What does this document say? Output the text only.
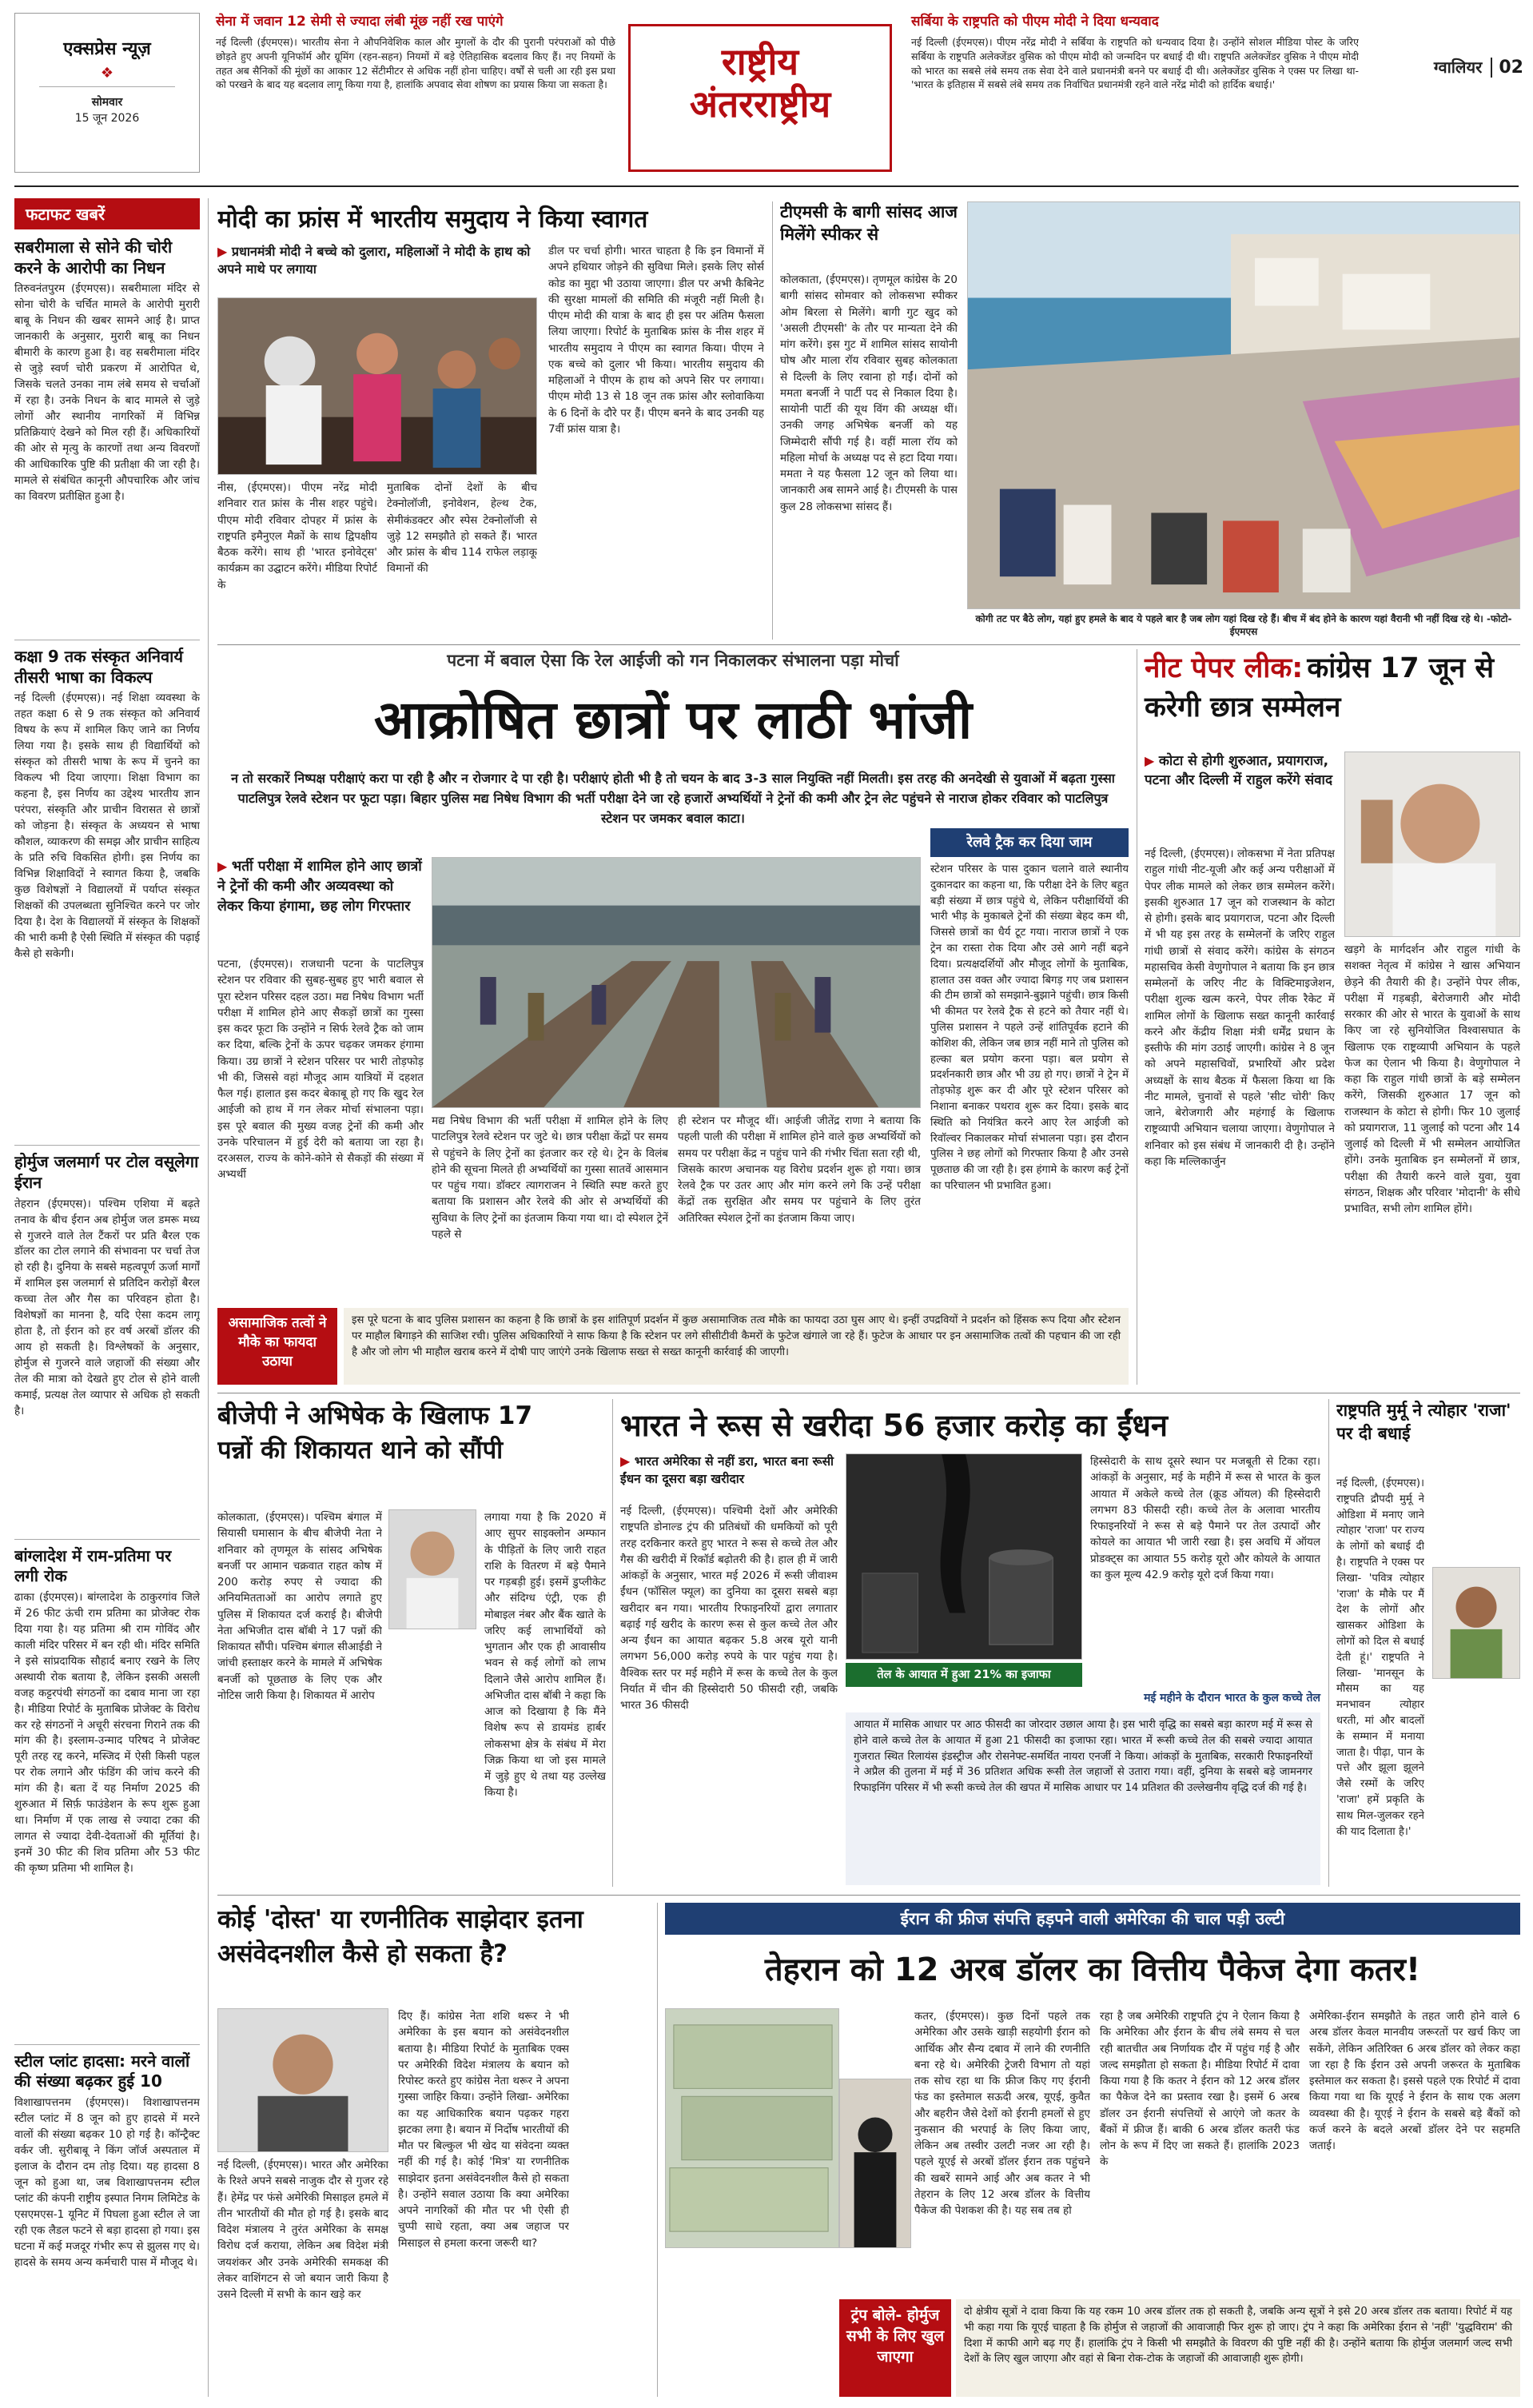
एक्सप्रेस न्यूज़
❖
सोमवार
15 जून 2026
सेना में जवान 12 सेमी से ज्यादा लंबी मूंछ नहीं रख पाएंगे
नई दिल्ली (ईएमएस)। भारतीय सेना ने औपनिवेशिक काल और मुगलों के दौर की पुरानी परंपराओं को पीछे छोड़ते हुए अपनी यूनिफॉर्म और ग्रूमिंग (रहन-सहन) नियमों में बड़े ऐतिहासिक बदलाव किए हैं। नए नियमों के तहत अब सैनिकों की मूंछों का आकार 12 सेंटीमीटर से अधिक नहीं होना चाहिए। वर्षों से चली आ रही इस प्रथा को परखने के बाद यह बदलाव लागू किया गया है, हालांकि अपवाद सेवा शोषण का प्रयास किया जा सकता है।
राष्ट्रीय
अंतरराष्ट्रीय
सर्बिया के राष्ट्रपति को पीएम मोदी ने दिया धन्यवाद
नई दिल्ली (ईएमएस)। पीएम नरेंद्र मोदी ने सर्बिया के राष्ट्रपति को धन्यवाद दिया है। उन्होंने सोशल मीडिया पोस्ट के जरिए सर्बिया के राष्ट्रपति अलेक्जेंडर वुसिक को पीएम मोदी को जन्मदिन पर बधाई दी थी। राष्ट्रपति अलेक्जेंडर वुसिक ने पीएम मोदी को भारत का सबसे लंबे समय तक सेवा देने वाले प्रधानमंत्री बनने पर बधाई दी थी। अलेक्जेंडर वुसिक ने एक्स पर लिखा था- 'भारत के इतिहास में सबसे लंबे समय तक निर्वाचित प्रधानमंत्री रहने वाले नरेंद्र मोदी को हार्दिक बधाई।'
ग्वालियर 02
फटाफट खबरें
सबरीमाला से सोने की चोरी करने के आरोपी का निधन
तिरुवनंतपुरम (ईएमएस)। सबरीमाला मंदिर से सोना चोरी के चर्चित मामले के आरोपी मुरारी बाबू के निधन की खबर सामने आई है। प्राप्त जानकारी के अनुसार, मुरारी बाबू का निधन बीमारी के कारण हुआ है। वह सबरीमाला मंदिर से जुड़े स्वर्ण चोरी प्रकरण में आरोपित थे, जिसके चलते उनका नाम लंबे समय से चर्चाओं में रहा है। उनके निधन के बाद मामले से जुड़े लोगों और स्थानीय नागरिकों में विभिन्न प्रतिक्रियाएं देखने को मिल रही हैं। अधिकारियों की ओर से मृत्यु के कारणों तथा अन्य विवरणों की आधिकारिक पुष्टि की प्रतीक्षा की जा रही है। मामले से संबंधित कानूनी औपचारिक और जांच का विवरण प्रतीक्षित हुआ है।
कक्षा 9 तक संस्कृत अनिवार्य तीसरी भाषा का विकल्प
नई दिल्ली (ईएमएस)। नई शिक्षा व्यवस्था के तहत कक्षा 6 से 9 तक संस्कृत को अनिवार्य विषय के रूप में शामिल किए जाने का निर्णय लिया गया है। इसके साथ ही विद्यार्थियों को संस्कृत को तीसरी भाषा के रूप में चुनने का विकल्प भी दिया जाएगा। शिक्षा विभाग का कहना है, इस निर्णय का उद्देश्य भारतीय ज्ञान परंपरा, संस्कृति और प्राचीन विरासत से छात्रों को जोड़ना है। संस्कृत के अध्ययन से भाषा कौशल, व्याकरण की समझ और प्राचीन साहित्य के प्रति रुचि विकसित होगी। इस निर्णय का विभिन्न शिक्षाविदों ने स्वागत किया है, जबकि कुछ विशेषज्ञों ने विद्यालयों में पर्याप्त संस्कृत शिक्षकों की उपलब्धता सुनिश्चित करने पर जोर दिया है। देश के विद्यालयों में संस्कृत के शिक्षकों की भारी कमी है ऐसी स्थिति में संस्कृत की पढ़ाई कैसे हो सकेगी।
होर्मुज जलमार्ग पर टोल वसूलेगा ईरान
तेहरान (ईएमएस)। पश्चिम एशिया में बढ़ते तनाव के बीच ईरान अब होर्मुज जल डमरू मध्य से गुजरने वाले तेल टैंकरों पर प्रति बैरल एक डॉलर का टोल लगाने की संभावना पर चर्चा तेज हो रही है। दुनिया के सबसे महत्वपूर्ण ऊर्जा मार्गों में शामिल इस जलमार्ग से प्रतिदिन करोड़ों बैरल कच्चा तेल और गैस का परिवहन होता है। विशेषज्ञों का मानना है, यदि ऐसा कदम लागू होता है, तो ईरान को हर वर्ष अरबों डॉलर की आय हो सकती है। विश्लेषकों के अनुसार, होर्मुज से गुजरने वाले जहाजों की संख्या और तेल की मात्रा को देखते हुए टोल से होने वाली कमाई, प्रत्यक्ष तेल व्यापार से अधिक हो सकती है।
बांग्लादेश में राम-प्रतिमा पर लगी रोक
ढाका (ईएमएस)। बांग्लादेश के ठाकुरगांव जिले में 26 फीट ऊंची राम प्रतिमा का प्रोजेक्ट रोक दिया गया है। यह प्रतिमा श्री राम गोविंद और काली मंदिर परिसर में बन रही थी। मंदिर समिति ने इसे सांप्रदायिक सौहार्द बनाए रखने के लिए अस्थायी रोक बताया है, लेकिन इसकी असली वजह कट्टरपंथी संगठनों का दबाव माना जा रहा है। मीडिया रिपोर्ट के मुताबिक प्रोजेक्ट के विरोध कर रहे संगठनों ने अचूरी संरचना गिराने तक की मांग की है। इस्लाम-उन्माद परिषद ने प्रोजेक्ट पूरी तरह रद्द करने, मस्जिद में ऐसी किसी पहल पर रोक लगाने और फंडिंग की जांच करने की मांग की है। बता दें यह निर्माण 2025 की शुरुआत में सिर्फ़ फाउंडेशन के रूप शुरू हुआ था। निर्माण में एक लाख से ज्यादा टका की लागत से ज्यादा देवी-देवताओं की मूर्तियां है। इनमें 30 फीट की शिव प्रतिमा और 53 फीट की कृष्ण प्रतिमा भी शामिल है।
स्टील प्लांट हादसा: मरने वालों की संख्या बढ़कर हुई 10
विशाखापत्तनम (ईएमएस)। विशाखापत्तनम स्टील प्लांट में 8 जून को हुए हादसे में मरने वालों की संख्या बढ़कर 10 हो गई है। कॉन्ट्रैक्ट वर्कर जी. सुरीबाबू ने किंग जॉर्ज अस्पताल में इलाज के दौरान दम तोड़ दिया। यह हादसा 8 जून को हुआ था, जब विशाखापत्तनम स्टील प्लांट की कंपनी राष्ट्रीय इस्पात निगम लिमिटेड के एसएमएस-1 यूनिट में पिघला हुआ स्टील ले जा रही एक लैडल फटने से बड़ा हादसा हो गया। इस घटना में कई मजदूर गंभीर रूप से झुलस गए थे। हादसे के समय अन्य कर्मचारी पास में मौजूद थे।
मोदी का फ्रांस में भारतीय समुदाय ने किया स्वागत
▶ प्रधानमंत्री मोदी ने बच्चे को दुलारा, महिलाओं ने मोदी के हाथ को अपने माथे पर लगाया
नीस, (ईएमएस)। पीएम नरेंद्र मोदी शनिवार रात फ्रांस के नीस शहर पहुंचे। पीएम मोदी रविवार दोपहर में फ्रांस के राष्ट्रपति इमैनुएल मैक्रों के साथ द्विपक्षीय बैठक करेंगे। साथ ही 'भारत इनोवेट्स' कार्यक्रम का उद्घाटन करेंगे। मीडिया रिपोर्ट के
मुताबिक दोनों देशों के बीच टेक्नोलॉजी, इनोवेशन, हेल्थ टेक, सेमीकंडक्टर और स्पेस टेक्नोलॉजी से जुड़े 12 समझौते हो सकते हैं। भारत और फ्रांस के बीच 114 राफेल लड़ाकू विमानों की
डील पर चर्चा होगी। भारत चाहता है कि इन विमानों में अपने हथियार जोड़ने की सुविधा मिले। इसके लिए सोर्स कोड का मुद्दा भी उठाया जाएगा। डील पर अभी कैबिनेट की सुरक्षा मामलों की समिति की मंजूरी नहीं मिली है। पीएम मोदी की यात्रा के बाद ही इस पर अंतिम फैसला लिया जाएगा। रिपोर्ट के मुताबिक फ्रांस के नीस शहर में भारतीय समुदाय ने पीएम का स्वागत किया। पीएम ने एक बच्चे को दुलार भी किया। भारतीय समुदाय की महिलाओं ने पीएम के हाथ को अपने सिर पर लगाया। पीएम मोदी 13 से 18 जून तक फ्रांस और स्लोवाकिया के 6 दिनों के दौरे पर हैं। पीएम बनने के बाद उनकी यह 7वीं फ्रांस यात्रा है।
टीएमसी के बागी सांसद आज मिलेंगे स्पीकर से
कोलकाता, (ईएमएस)। तृणमूल कांग्रेस के 20 बागी सांसद सोमवार को लोकसभा स्पीकर ओम बिरला से मिलेंगे। बागी गुट खुद को 'असली टीएमसी' के तौर पर मान्यता देने की मांग करेंगे। इस गुट में शामिल सांसद सायोनी घोष और माला रॉय रविवार सुबह कोलकाता से दिल्ली के लिए रवाना हो गईं। दोनों को ममता बनर्जी ने पार्टी पद से निकाल दिया है। सायोनी पार्टी की यूथ विंग की अध्यक्ष थीं। उनकी जगह अभिषेक बनर्जी को यह जिम्मेदारी सौंपी गई है। वहीं माला रॉय को महिला मोर्चा के अध्यक्ष पद से हटा दिया गया। ममता ने यह फैसला 12 जून को लिया था। जानकारी अब सामने आई है। टीएमसी के पास कुल 28 लोकसभा सांसद हैं।
कोगी तट पर बैठे लोग, यहां हुए हमले के बाद ये पहले बार है जब लोग यहां दिख रहे हैं। बीच में बंद होने के कारण यहां वैरानी भी नहीं दिख रहे थे। -फोटो-ईएमएस
पटना में बवाल ऐसा कि रेल आईजी को गन निकालकर संभालना पड़ा मोर्चा
आक्रोषित छात्रों पर लाठी भांजी
न तो सरकारें निष्पक्ष परीक्षाएं करा पा रही है और न रोजगार दे पा रही है। परीक्षाएं होती भी है तो चयन के बाद 3-3 साल नियुक्ति नहीं मिलती। इस तरह की अनदेखी से युवाओं में बढ़ता गुस्सा पाटलिपुत्र रेलवे स्टेशन पर फूटा पड़ा। बिहार पुलिस मद्य निषेध विभाग की भर्ती परीक्षा देने जा रहे हजारों अभ्यर्थियों ने ट्रेनों की कमी और ट्रेन लेट पहुंचने से नाराज होकर रविवार को पाटलिपुत्र स्टेशन पर जमकर बवाल काटा।
▶ भर्ती परीक्षा में शामिल होने आए छात्रों ने ट्रेनों की कमी और अव्यवस्था को लेकर किया हंगामा, छह लोग गिरफ्तार
पटना, (ईएमएस)। राजधानी पटना के पाटलिपुत्र स्टेशन पर रविवार की सुबह-सुबह हुए भारी बवाल से पूरा स्टेशन परिसर दहल उठा। मद्य निषेध विभाग भर्ती परीक्षा में शामिल होने आए सैकड़ों छात्रों का गुस्सा इस कदर फूटा कि उन्होंने न सिर्फ रेलवे ट्रैक को जाम कर दिया, बल्कि ट्रेनों के ऊपर चढ़कर जमकर हंगामा किया। उग्र छात्रों ने स्टेशन परिसर पर भारी तोड़फोड़ भी की, जिससे वहां मौजूद आम यात्रियों में दहशत फैल गई। हालात इस कदर बेकाबू हो गए कि खुद रेल आईजी को हाथ में गन लेकर मोर्चा संभालना पड़ा। इस पूरे बवाल की मुख्य वजह ट्रेनों की कमी और उनके परिचालन में हुई देरी को बताया जा रहा है। दरअसल, राज्य के कोने-कोने से सैकड़ों की संख्या में अभ्यर्थी
मद्य निषेध विभाग की भर्ती परीक्षा में शामिल होने के लिए पाटलिपुत्र रेलवे स्टेशन पर जुटे थे। छात्र परीक्षा केंद्रों पर समय से पहुंचने के लिए ट्रेनों का इंतजार कर रहे थे। ट्रेन के विलंब होने की सूचना मिलते ही अभ्यर्थियों का गुस्सा सातवें आसमान पर पहुंच गया। डॉक्टर त्यागराजन ने स्थिति स्पष्ट करते हुए बताया कि प्रशासन और रेलवे की ओर से अभ्यर्थियों की सुविधा के लिए ट्रेनों का इंतजाम किया गया था। दो स्पेशल ट्रेनें पहले से
ही स्टेशन पर मौजूद थीं। आईजी जीतेंद्र राणा ने बताया कि पहली पाली की परीक्षा में शामिल होने वाले कुछ अभ्यर्थियों को समय पर परीक्षा केंद्र न पहुंच पाने की गंभीर चिंता सता रही थी, जिसके कारण अचानक यह विरोध प्रदर्शन शुरू हो गया। छात्र रेलवे ट्रैक पर उतर आए और मांग करने लगे कि उन्हें परीक्षा केंद्रों तक सुरक्षित और समय पर पहुंचाने के लिए तुरंत अतिरिक्त स्पेशल ट्रेनों का इंतजाम किया जाए।
रेलवे ट्रैक कर दिया जाम
स्टेशन परिसर के पास दुकान चलाने वाले स्थानीय दुकानदार का कहना था, कि परीक्षा देने के लिए बहुत बड़ी संख्या में छात्र पहुंचे थे, लेकिन परीक्षार्थियों की भारी भीड़ के मुकाबले ट्रेनों की संख्या बेहद कम थी, जिससे छात्रों का धैर्य टूट गया। नाराज छात्रों ने एक ट्रेन का रास्ता रोक दिया और उसे आगे नहीं बढ़ने दिया। प्रत्यक्षदर्शियों और मौजूद लोगों के मुताबिक, हालात उस वक्त और ज्यादा बिगड़ गए जब प्रशासन की टीम छात्रों को समझाने-बुझाने पहुंची। छात्र किसी भी कीमत पर रेलवे ट्रैक से हटने को तैयार नहीं थे। पुलिस प्रशासन ने पहले उन्हें शांतिपूर्वक हटाने की कोशिश की, लेकिन जब छात्र नहीं माने तो पुलिस को हल्का बल प्रयोग करना पड़ा। बल प्रयोग से प्रदर्शनकारी छात्र और भी उग्र हो गए। छात्रों ने ट्रेन में तोड़फोड़ शुरू कर दी और पूरे स्टेशन परिसर को निशाना बनाकर पथराव शुरू कर दिया। इसके बाद स्थिति को नियंत्रित करने आए रेल आईजी को रिवॉल्वर निकालकर मोर्चा संभालना पड़ा। इस दौरान पुलिस ने छह लोगों को गिरफ्तार किया है और उनसे पूछताछ की जा रही है। इस हंगामे के कारण कई ट्रेनों का परिचालन भी प्रभावित हुआ।
असामाजिक तत्वों ने मौके का फायदा उठाया
इस पूरे घटना के बाद पुलिस प्रशासन का कहना है कि छात्रों के इस शांतिपूर्ण प्रदर्शन में कुछ असामाजिक तत्व मौके का फायदा उठा घुस आए थे। इन्हीं उपद्रवियों ने प्रदर्शन को हिंसक रूप दिया और स्टेशन पर माहौल बिगाड़ने की साजिश रची। पुलिस अधिकारियों ने साफ किया है कि स्टेशन पर लगे सीसीटीवी कैमरों के फुटेज खंगाले जा रहे हैं। फुटेज के आधार पर इन असामाजिक तत्वों की पहचान की जा रही है और जो लोग भी माहौल खराब करने में दोषी पाए जाएंगे उनके खिलाफ सख्त से सख्त कानूनी कार्रवाई की जाएगी।
नीट पेपर लीक: कांग्रेस 17 जून से करेगी छात्र सम्मेलन
▶ कोटा से होगी शुरुआत, प्रयागराज, पटना और दिल्ली में राहुल करेंगे संवाद
नई दिल्ली, (ईएमएस)। लोकसभा में नेता प्रतिपक्ष राहुल गांधी नीट-यूजी और कई अन्य परीक्षाओं में पेपर लीक मामले को लेकर छात्र सम्मेलन करेंगे। इसकी शुरुआत 17 जून को राजस्थान के कोटा से होगी। इसके बाद प्रयागराज, पटना और दिल्ली में भी यह इस तरह के सम्मेलनों के जरिए राहुल गांधी छात्रों से संवाद करेंगे। कांग्रेस के संगठन महासचिव केसी वेणुगोपाल ने बताया कि इन छात्र सम्मेलनों के जरिए नीट के विक्टिमाइजेशन, परीक्षा शुल्क खत्म करने, पेपर लीक रैकेट में शामिल लोगों के खिलाफ सख्त कानूनी कार्रवाई करने और केंद्रीय शिक्षा मंत्री धर्मेंद्र प्रधान के इस्तीफे की मांग उठाई जाएगी। कांग्रेस ने 8 जून को अपने महासचिवों, प्रभारियों और प्रदेश अध्यक्षों के साथ बैठक में फैसला किया था कि नीट मामले, चुनावों से पहले 'सीट चोरी' किए जाने, बेरोजगारी और महंगाई के खिलाफ राष्ट्रव्यापी अभियान चलाया जाएगा। वेणुगोपाल ने शनिवार को इस संबंध में जानकारी दी है। उन्होंने कहा कि मल्लिकार्जुन
खड़गे के मार्गदर्शन और राहुल गांधी के सशक्त नेतृत्व में कांग्रेस ने खास अभियान छेड़ने की तैयारी की है। उन्होंने पेपर लीक, परीक्षा में गड़बड़ी, बेरोजगारी और मोदी सरकार की ओर से भारत के युवाओं के साथ किए जा रहे सुनियोजित विश्वासघात के खिलाफ एक राष्ट्रव्यापी अभियान के पहले फेज का ऐलान भी किया है। वेणुगोपाल ने कहा कि राहुल गांधी छात्रों के बड़े सम्मेलन करेंगे, जिसकी शुरुआत 17 जून को राजस्थान के कोटा से होगी। फिर 10 जुलाई को प्रयागराज, 11 जुलाई को पटना और 14 जुलाई को दिल्ली में भी सम्मेलन आयोजित होंगे। उनके मुताबिक इन सम्मेलनों में छात्र, परीक्षा की तैयारी करने वाले युवा, युवा संगठन, शिक्षक और परिवार 'मोदानी' के सीधे प्रभावित, सभी लोग शामिल होंगे।
बीजेपी ने अभिषेक के खिलाफ 17 पन्नों की शिकायत थाने को सौंपी
कोलकाता, (ईएमएस)। पश्चिम बंगाल में सियासी घमासान के बीच बीजेपी नेता ने शनिवार को तृणमूल के सांसद अभिषेक बनर्जी पर आमान चक्रवात राहत कोष में 200 करोड़ रुपए से ज्यादा की अनियमितताओं का आरोप लगाते हुए पुलिस में शिकायत दर्ज कराई है। बीजेपी नेता अभिजीत दास बॉबी ने 17 पन्नों की शिकायत सौंपी। पश्चिम बंगाल सीआईडी ने जांची हस्ताक्षर करने के मामले में अभिषेक बनर्जी को पूछताछ के लिए एक और नोटिस जारी किया है। शिकायत में आरोप
लगाया गया है कि 2020 में आए सुपर साइक्लोन अम्फान के पीड़ितों के लिए जारी राहत राशि के वितरण में बड़े पैमाने पर गड़बड़ी हुई। इसमें डुप्लीकेट और संदिग्ध एंट्री, एक ही मोबाइल नंबर और बैंक खाते के जरिए कई लाभार्थियों को भुगतान और एक ही आवासीय भवन से कई लोगों को लाभ दिलाने जैसे आरोप शामिल हैं। अभिजीत दास बॉबी ने कहा कि आज को दिखाया है कि मैंने विशेष रूप से डायमंड हार्बर लोकसभा क्षेत्र के संबंध में मेरा जिक्र किया था जो इस मामले में जुड़े हुए थे तथा यह उल्लेख किया है।
भारत ने रूस से खरीदा 56 हजार करोड़ का ईंधन
▶ भारत अमेरिका से नहीं डरा, भारत बना रूसी ईंधन का दूसरा बड़ा खरीदार
नई दिल्ली, (ईएमएस)। पश्चिमी देशों और अमेरिकी राष्ट्रपति डोनाल्ड ट्रंप की प्रतिबंधों की धमकियों को पूरी तरह दरकिनार करते हुए भारत ने रूस से कच्चे तेल और गैस की खरीदी में रिकॉर्ड बढ़ोतरी की है। हाल ही में जारी आंकड़ों के अनुसार, भारत मई 2026 में रूसी जीवाश्म ईंधन (फॉसिल फ्यूल) का दुनिया का दूसरा सबसे बड़ा खरीदार बन गया। भारतीय रिफाइनरियों द्वारा लगातार बढ़ाई गई खरीद के कारण रूस से कुल कच्चे तेल और अन्य ईंधन का आयात बढ़कर 5.8 अरब यूरो यानी लगभग 56,000 करोड़ रुपये के पार पहुंच गया है। वैश्विक स्तर पर मई महीने में रूस के कच्चे तेल के कुल निर्यात में चीन की हिस्सेदारी 50 फीसदी रही, जबकि भारत 36 फीसदी
तेल के आयात में हुआ 21% का इजाफा
हिस्सेदारी के साथ दूसरे स्थान पर मजबूती से टिका रहा। आंकड़ों के अनुसार, मई के महीने में रूस से भारत के कुल आयात में अकेले कच्चे तेल (क्रूड ऑयल) की हिस्सेदारी लगभग 83 फीसदी रही। कच्चे तेल के अलावा भारतीय रिफाइनरियों ने रूस से बड़े पैमाने पर तेल उत्पादों और कोयले का आयात भी जारी रखा है। इस अवधि में ऑयल प्रोडक्ट्स का आयात 55 करोड़ यूरो और कोयले के आयात का कुल मूल्य 42.9 करोड़ यूरो दर्ज किया गया।
मई महीने के दौरान भारत के कुल कच्चे तेल
आयात में मासिक आधार पर आठ फीसदी का जोरदार उछाल आया है। इस भारी वृद्धि का सबसे बड़ा कारण मई में रूस से होने वाले कच्चे तेल के आयात में हुआ 21 फीसदी का इजाफा रहा। भारत में रूसी कच्चे तेल की सबसे ज्यादा आयात गुजरात स्थित रिलायंस इंडस्ट्रीज और रोसनेफ्ट-समर्थित नायरा एनर्जी ने किया। आंकड़ों के मुताबिक, सरकारी रिफाइनरियों ने अप्रैल की तुलना में मई में 36 प्रतिशत अधिक रूसी तेल जहाजों से उतारा गया। वहीं, दुनिया के सबसे बड़े जामनगर रिफाइनिंग परिसर में भी रूसी कच्चे तेल की खपत में मासिक आधार पर 14 प्रतिशत की उल्लेखनीय वृद्धि दर्ज की गई है।
राष्ट्रपति मुर्मू ने त्योहार 'राजा' पर दी बधाई
नई दिल्ली, (ईएमएस)। राष्ट्रपति द्रौपदी मुर्मू ने ओडिशा में मनाए जाने त्योहार 'राजा' पर राज्य के लोगों को बधाई दी है। राष्ट्रपति ने एक्स पर लिखा- 'पवित्र त्योहार 'राजा' के मौके पर मैं देश के लोगों और खासकर ओडिशा के लोगों को दिल से बधाई देती हूं।' राष्ट्रपति ने लिखा- 'मानसून के मौसम का यह मनभावन त्योहार धरती, मां और बादलों के सम्मान में मनाया जाता है। पीढ़ा, पान के पत्ते और झूला झूलने जैसे रस्मों के जरिए 'राजा' हमें प्रकृति के साथ मिल-जुलकर रहने की याद दिलाता है।'
कोई 'दोस्त' या रणनीतिक साझेदार इतना असंवेदनशील कैसे हो सकता है?
नई दिल्ली, (ईएमएस)। भारत और अमेरिका के रिश्ते अपने सबसे नाजुक दौर से गुजर रहे हैं। हेमेंद्र पर फंसे अमेरिकी मिसाइल हमले में तीन भारतीयों की मौत हो गई है। इसके बाद विदेश मंत्रालय ने तुरंत अमेरिका के समक्ष विरोध दर्ज कराया, लेकिन अब विदेश मंत्री जयशंकर और उनके अमेरिकी समकक्ष की लेकर वाशिंगटन से जो बयान जारी किया है उसने दिल्ली में सभी के कान खड़े कर
दिए हैं। कांग्रेस नेता शशि थरूर ने भी अमेरिका के इस बयान को असंवेदनशील बताया है। मीडिया रिपोर्ट के मुताबिक एक्स पर अमेरिकी विदेश मंत्रालय के बयान को रिपोस्ट करते हुए कांग्रेस नेता थरूर ने अपना गुस्सा जाहिर किया। उन्होंने लिखा- अमेरिका का यह आधिकारिक बयान पढ़कर गहरा झटका लगा है। बयान में निर्दोष भारतीयों की मौत पर बिल्कुल भी खेद या संवेदना व्यक्त नहीं की गई है। कोई 'मित्र' या रणनीतिक साझेदार इतना असंवेदनशील कैसे हो सकता है। उन्होंने सवाल उठाया कि क्या अमेरिका अपने नागरिकों की मौत पर भी ऐसी ही चुप्पी साधे रहता, क्या अब जहाज पर मिसाइल से हमला करना जरूरी था?
ईरान की फ्रीज संपत्ति हड़पने वाली अमेरिका की चाल पड़ी उल्टी
तेहरान को 12 अरब डॉलर का वित्तीय पैकेज देगा कतर!
कतर, (ईएमएस)। कुछ दिनों पहले तक अमेरिका और उसके खाड़ी सहयोगी ईरान को आर्थिक और सैन्य दबाव में लाने की रणनीति बना रहे थे। अमेरिकी ट्रेजरी विभाग तो यहां तक सोच रहा था कि फ्रीज किए गए ईरानी फंड का इस्तेमाल सऊदी अरब, यूएई, कुवैत और बहरीन जैसे देशों को ईरानी हमलों से हुए नुकसान की भरपाई के लिए किया जाए, लेकिन अब तस्वीर उलटी नजर आ रही है। पहले यूएई से अरबों डॉलर ईरान तक पहुंचने की खबरें सामने आई और अब कतर ने भी तेहरान के लिए 12 अरब डॉलर के वित्तीय पैकेज की पेशकश की है। यह सब तब हो
रहा है जब अमेरिकी राष्ट्रपति ट्रंप ने ऐलान किया है कि अमेरिका और ईरान के बीच लंबे समय से चल रही बातचीत अब निर्णायक दौर में पहुंच गई है और जल्द समझौता हो सकता है। मीडिया रिपोर्ट में दावा किया गया है कि कतर ने ईरान को 12 अरब डॉलर का पैकेज देने का प्रस्ताव रखा है। इसमें 6 अरब डॉलर उन ईरानी संपत्तियों से आएंगे जो कतर के बैंकों में फ्रीज हैं। बाकी 6 अरब डॉलर कतरी फंड लोन के रूप में दिए जा सकते हैं। हालांकि 2023 के
अमेरिका-ईरान समझौते के तहत जारी होने वाले 6 अरब डॉलर केवल मानवीय जरूरतों पर खर्च किए जा सकेंगे, लेकिन अतिरिक्त 6 अरब डॉलर को लेकर कहा जा रहा है कि ईरान उसे अपनी जरूरत के मुताबिक इस्तेमाल कर सकता है। इससे पहले एक रिपोर्ट में दावा किया गया था कि यूएई ने ईरान के साथ एक अलग व्यवस्था की है। यूएई ने ईरान के सबसे बड़े बैंकों को कर्ज करने के बदले अरबों डॉलर देने पर सहमति जताई।
ट्रंप बोले- होर्मुज सभी के लिए खुल जाएगा
दो क्षेत्रीय सूत्रों ने दावा किया कि यह रकम 10 अरब डॉलर तक हो सकती है, जबकि अन्य सूत्रों ने इसे 20 अरब डॉलर तक बताया। रिपोर्ट में यह भी कहा गया कि यूएई चाहता है कि होर्मुज से जहाजों की आवाजाही फिर शुरू हो जाए। ट्रंप ने कहा कि अमेरिका ईरान से 'नहीं' 'युद्धविराम' की दिशा में काफी आगे बढ़ गए हैं। हालांकि ट्रंप ने किसी भी समझौते के विवरण की पुष्टि नहीं की है। उन्होंने बताया कि होर्मुज जलमार्ग जल्द सभी देशों के लिए खुल जाएगा और वहां से बिना रोक-टोक के जहाजों की आवाजाही शुरू होगी।
